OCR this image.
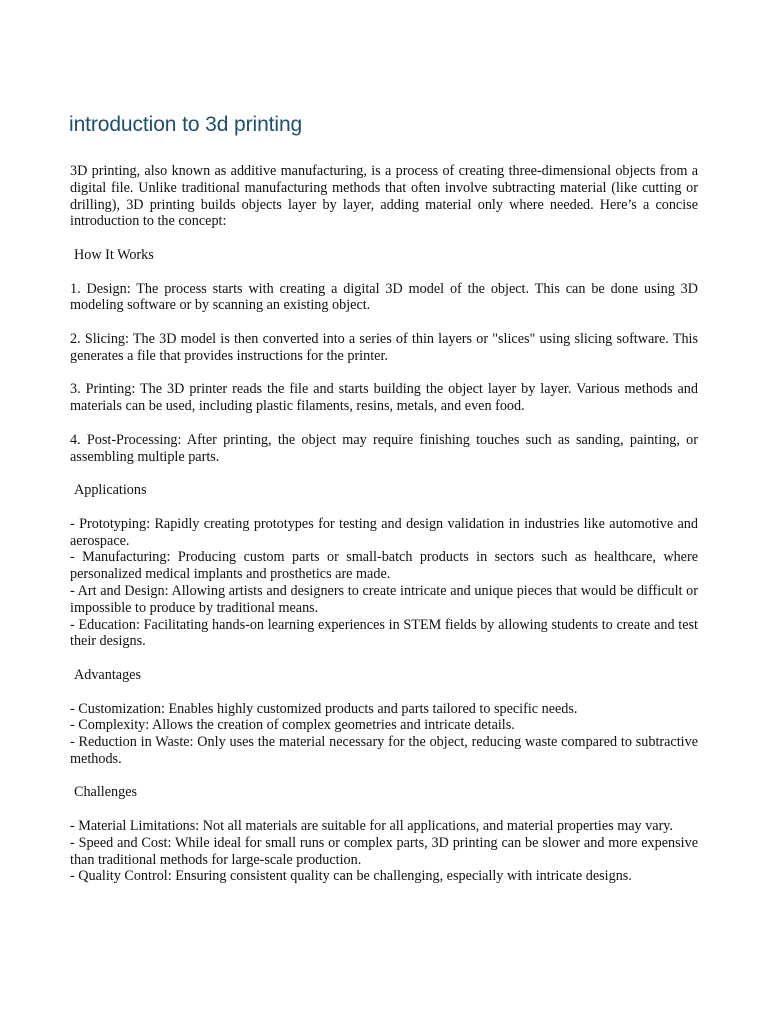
introduction to 3d printing

3D printing, also known as additive manufacturing, is a process of creating three-dimensional objects from a digital file. Unlike traditional manufacturing methods that often involve subtracting material (like cutting or drilling), 3D printing builds objects layer by layer, adding material only where needed. Here’s a concise introduction to the concept:

How It Works

1. Design: The process starts with creating a digital 3D model of the object. This can be done using 3D modeling software or by scanning an existing object.

2. Slicing: The 3D model is then converted into a series of thin layers or "slices" using slicing software. This generates a file that provides instructions for the printer.

3. Printing: The 3D printer reads the file and starts building the object layer by layer. Various methods and materials can be used, including plastic filaments, resins, metals, and even food.

4. Post-Processing: After printing, the object may require finishing touches such as sanding, painting, or assembling multiple parts.

Applications

- Prototyping: Rapidly creating prototypes for testing and design validation in industries like automotive and aerospace.

- Manufacturing: Producing custom parts or small-batch products in sectors such as healthcare, where personalized medical implants and prosthetics are made.

- Art and Design: Allowing artists and designers to create intricate and unique pieces that would be difficult or impossible to produce by traditional means.

- Education: Facilitating hands-on learning experiences in STEM fields by allowing students to create and test their designs.

Advantages

- Customization: Enables highly customized products and parts tailored to specific needs.

- Complexity: Allows the creation of complex geometries and intricate details.

- Reduction in Waste: Only uses the material necessary for the object, reducing waste compared to subtractive methods.

Challenges

- Material Limitations: Not all materials are suitable for all applications, and material properties may vary.

- Speed and Cost: While ideal for small runs or complex parts, 3D printing can be slower and more expensive than traditional methods for large-scale production.

- Quality Control: Ensuring consistent quality can be challenging, especially with intricate designs.
